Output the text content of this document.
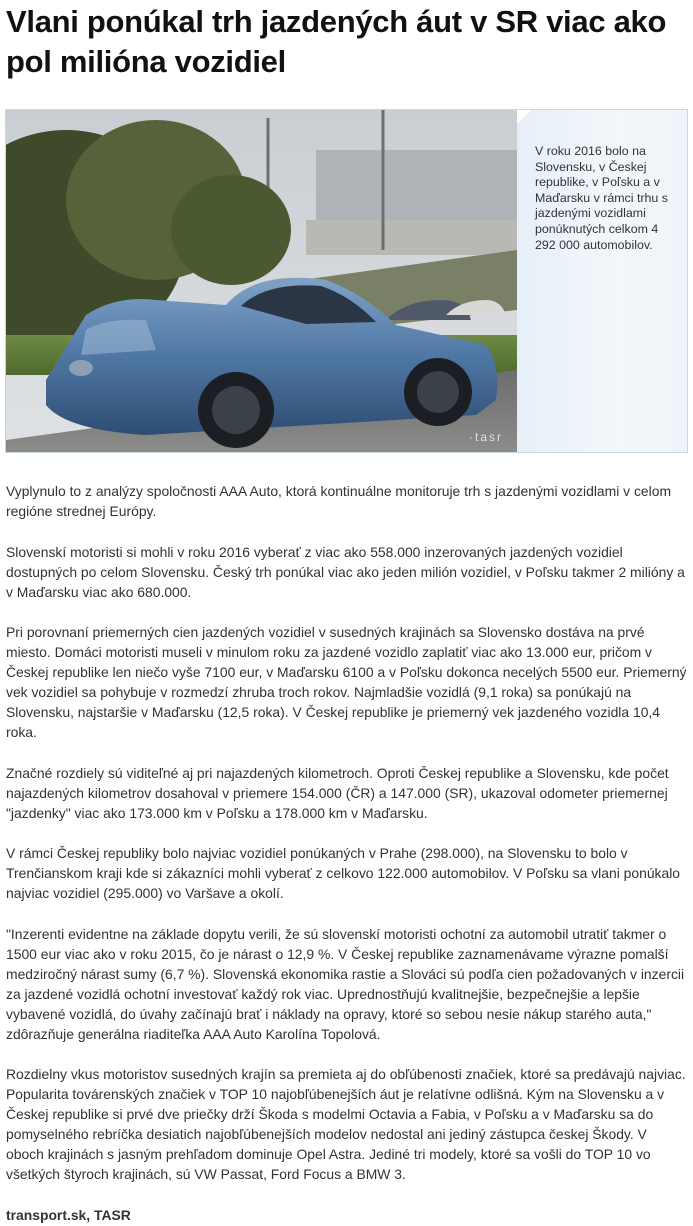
Vlani ponúkal trh jazdených áut v SR viac ako pol milióna vozidiel
·tasr
V roku 2016 bolo na Slovensku, v Českej republike, v Poľsku a v Maďarsku v rámci trhu s jazdenými vozidlami ponúknutých celkom 4 292 000 automobilov.

Vyplynulo to z analýzy spoločnosti AAA Auto, ktorá kontinuálne monitoruje trh s jazdenými vozidlami v celom regióne strednej Európy.

Slovenskí motoristi si mohli v roku 2016 vyberať z viac ako 558.000 inzerovaných jazdených vozidiel dostupných po celom Slovensku. Český trh ponúkal viac ako jeden milión vozidiel, v Poľsku takmer 2 milióny a v Maďarsku viac ako 680.000.

Pri porovnaní priemerných cien jazdených vozidiel v susedných krajinách sa Slovensko dostáva na prvé miesto. Domáci motoristi museli v minulom roku za jazdené vozidlo zaplatiť viac ako 13.000 eur, pričom v Českej republike len niečo vyše 7100 eur, v Maďarsku 6100 a v Poľsku dokonca necelých 5500 eur. Priemerný vek vozidiel sa pohybuje v rozmedzí zhruba troch rokov. Najmladšie vozidlá (9,1 roka) sa ponúkajú na Slovensku, najstaršie v Maďarsku (12,5 roka). V Českej republike je priemerný vek jazdeného vozidla 10,4 roka.

Značné rozdiely sú viditeľné aj pri najazdených kilometroch. Oproti Českej republike a Slovensku, kde počet najazdených kilometrov dosahoval v priemere 154.000 (ČR) a 147.000 (SR), ukazoval odometer priemernej "jazdenky" viac ako 173.000 km v Poľsku a 178.000 km v Maďarsku.

V rámci Českej republiky bolo najviac vozidiel ponúkaných v Prahe (298.000), na Slovensku to bolo v Trenčianskom kraji kde si zákazníci mohli vyberať z celkovo 122.000 automobilov. V Poľsku sa vlani ponúkalo najviac vozidiel (295.000) vo Varšave a okolí.

"Inzerenti evidentne na základe dopytu verili, že sú slovenskí motoristi ochotní za automobil utratiť takmer o 1500 eur viac ako v roku 2015, čo je nárast o 12,9 %. V Českej republike zaznamenávame výrazne pomalší medziročný nárast sumy (6,7 %). Slovenská ekonomika rastie a Slováci sú podľa cien požadovaných v inzercii za jazdené vozidlá ochotní investovať každý rok viac. Uprednostňujú kvalitnejšie, bezpečnejšie a lepšie vybavené vozidlá, do úvahy začínajú brať i náklady na opravy, ktoré so sebou nesie nákup starého auta," zdôrazňuje generálna riaditeľka AAA Auto Karolína Topolová.

Rozdielny vkus motoristov susedných krajín sa premieta aj do obľúbenosti značiek, ktoré sa predávajú najviac. Popularita továrenských značiek v TOP 10 najobľúbenejších áut je relatívne odlišná. Kým na Slovensku a v Českej republike si prvé dve priečky drží Škoda s modelmi Octavia a Fabia, v Poľsku a v Maďarsku sa do pomyselného rebríčka desiatich najobľúbenejších modelov nedostal ani jediný zástupca českej Škody. V oboch krajinách s jasným prehľadom dominuje Opel Astra. Jediné tri modely, ktoré sa vošli do TOP 10 vo všetkých štyroch krajinách, sú VW Passat, Ford Focus a BMW 3.

transport.sk, TASR
